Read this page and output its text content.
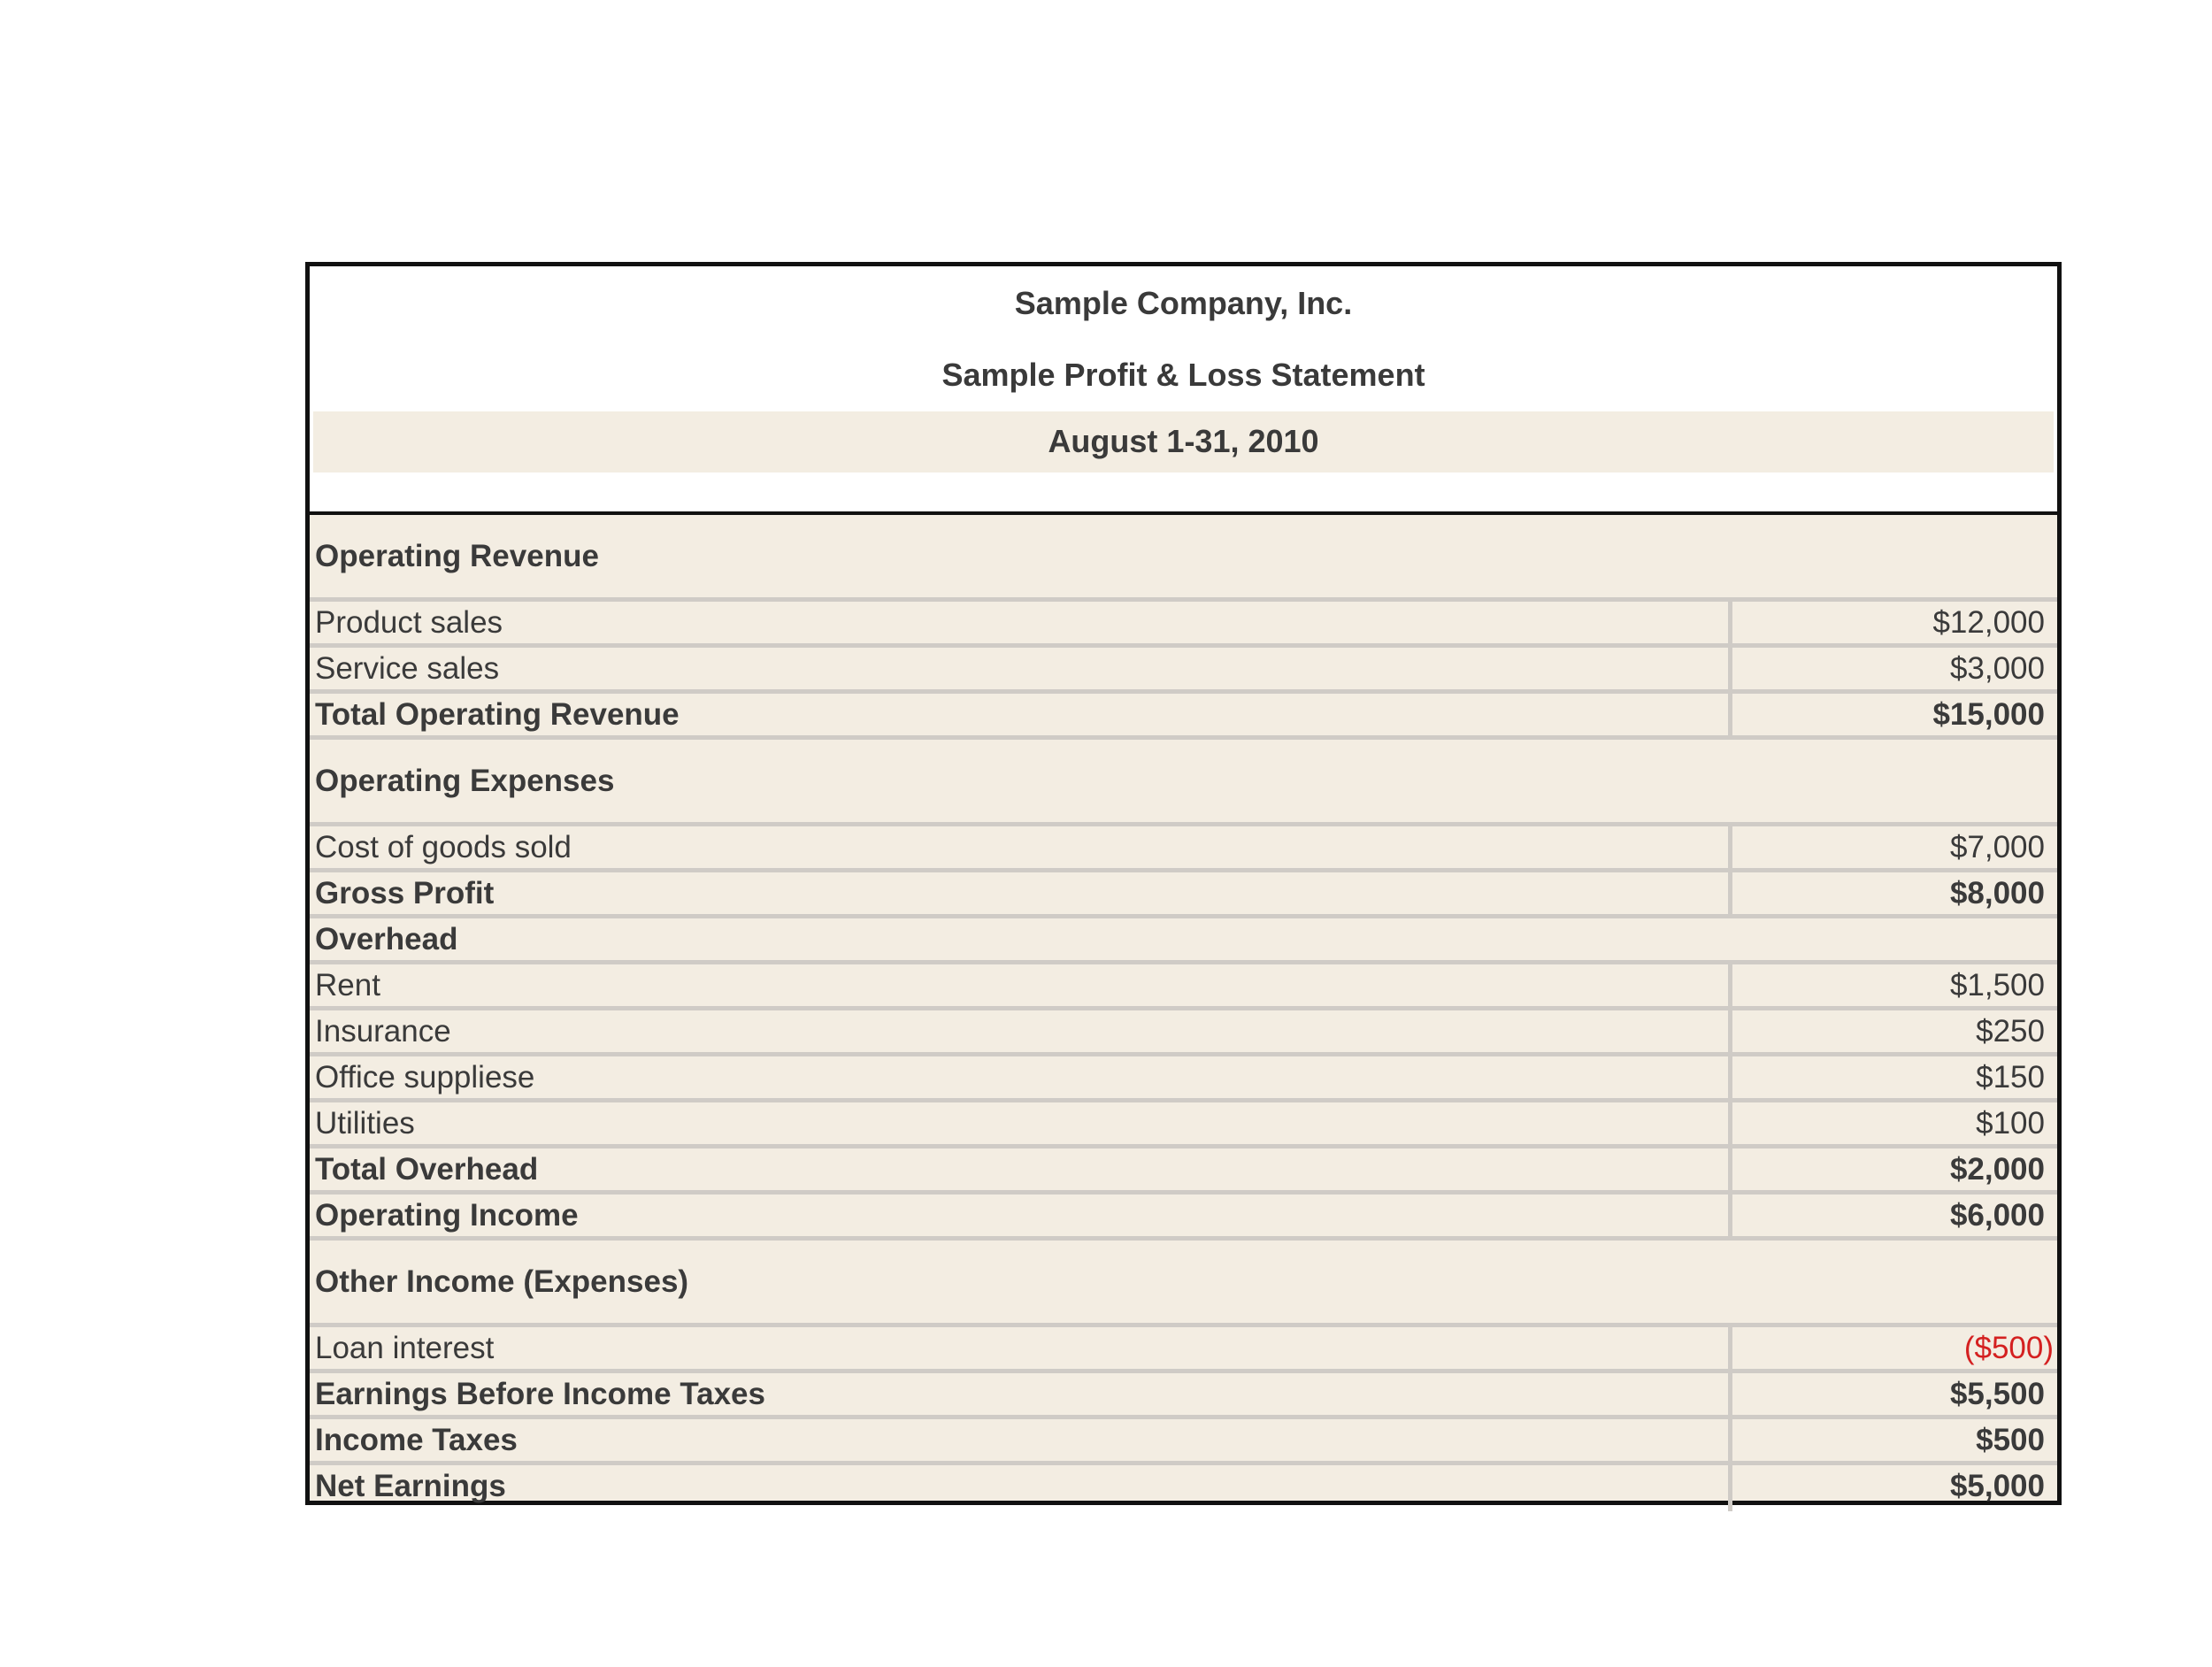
Sample Company, Inc.
Sample Profit & Loss Statement
August 1-31, 2010
Operating Revenue
Product sales	$12,000
Service sales	$3,000
Total Operating Revenue	$15,000
Operating Expenses
Cost of goods sold	$7,000
Gross Profit	$8,000
Overhead
Rent	$1,500
Insurance	$250
Office suppliese	$150
Utilities	$100
Total Overhead	$2,000
Operating Income	$6,000
Other Income (Expenses)
Loan interest	($500)
Earnings Before Income Taxes	$5,500
Income Taxes	$500
Net Earnings	$5,000
